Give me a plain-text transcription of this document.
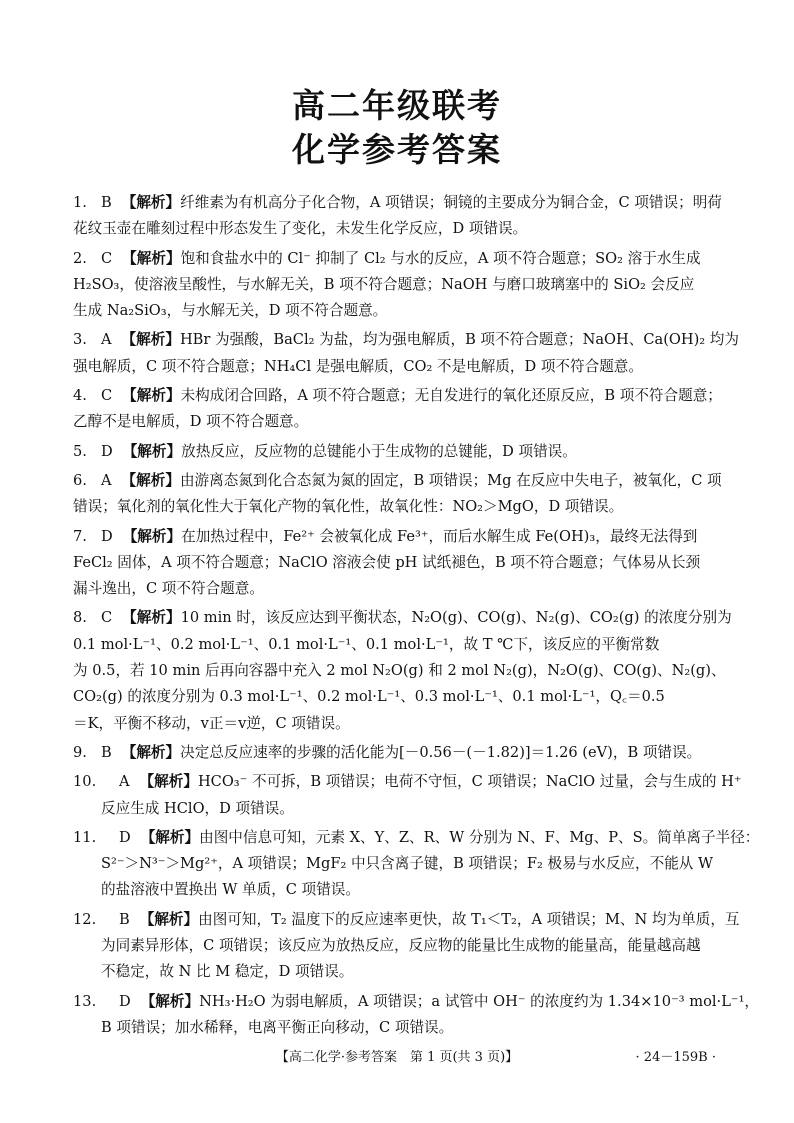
高二年级联考
化学参考答案
1. B 【解析】纤维素为有机高分子化合物，A 项错误；铜镜的主要成分为铜合金，C 项错误；明荷
花纹玉壶在雕刻过程中形态发生了变化，未发生化学反应，D 项错误。
2. C 【解析】饱和食盐水中的 Cl⁻ 抑制了 Cl₂ 与水的反应，A 项不符合题意；SO₂ 溶于水生成
H₂SO₃，使溶液呈酸性，与水解无关，B 项不符合题意；NaOH 与磨口玻璃塞中的 SiO₂ 会反应
生成 Na₂SiO₃，与水解无关，D 项不符合题意。
3. A 【解析】HBr 为强酸，BaCl₂ 为盐，均为强电解质，B 项不符合题意；NaOH、Ca(OH)₂ 均为
强电解质，C 项不符合题意；NH₄Cl 是强电解质，CO₂ 不是电解质，D 项不符合题意。
4. C 【解析】未构成闭合回路，A 项不符合题意；无自发进行的氧化还原反应，B 项不符合题意；
乙醇不是电解质，D 项不符合题意。
5. D 【解析】放热反应，反应物的总键能小于生成物的总键能，D 项错误。
6. A 【解析】由游离态氮到化合态氮为氮的固定，B 项错误；Mg 在反应中失电子，被氧化，C 项
错误；氧化剂的氧化性大于氧化产物的氧化性，故氧化性：NO₂＞MgO，D 项错误。
7. D 【解析】在加热过程中，Fe²⁺ 会被氧化成 Fe³⁺，而后水解生成 Fe(OH)₃，最终无法得到
FeCl₂ 固体，A 项不符合题意；NaClO 溶液会使 pH 试纸褪色，B 项不符合题意；气体易从长颈
漏斗逸出，C 项不符合题意。
8. C 【解析】10 min 时，该反应达到平衡状态，N₂O(g)、CO(g)、N₂(g)、CO₂(g) 的浓度分别为
0.1 mol·L⁻¹、0.2 mol·L⁻¹、0.1 mol·L⁻¹、0.1 mol·L⁻¹，故 T ℃下，该反应的平衡常数
为 0.5，若 10 min 后再向容器中充入 2 mol N₂O(g) 和 2 mol N₂(g)，N₂O(g)、CO(g)、N₂(g)、
CO₂(g) 的浓度分别为 0.3 mol·L⁻¹、0.2 mol·L⁻¹、0.3 mol·L⁻¹、0.1 mol·L⁻¹，Q꜀＝0.5
＝K，平衡不移动，v正＝v逆，C 项错误。
9. B 【解析】决定总反应速率的步骤的活化能为[－0.56－(－1.82)]＝1.26 (eV)，B 项错误。
10. A 【解析】HCO₃⁻ 不可拆，B 项错误；电荷不守恒，C 项错误；NaClO 过量，会与生成的 H⁺
反应生成 HClO，D 项错误。
11. D 【解析】由图中信息可知，元素 X、Y、Z、R、W 分别为 N、F、Mg、P、S。简单离子半径：
S²⁻＞N³⁻＞Mg²⁺，A 项错误；MgF₂ 中只含离子键，B 项错误；F₂ 极易与水反应，不能从 W
的盐溶液中置换出 W 单质，C 项错误。
12. B 【解析】由图可知，T₂ 温度下的反应速率更快，故 T₁＜T₂，A 项错误；M、N 均为单质，互
为同素异形体，C 项错误；该反应为放热反应，反应物的能量比生成物的能量高，能量越高越
不稳定，故 N 比 M 稳定，D 项错误。
13. D 【解析】NH₃·H₂O 为弱电解质，A 项错误；a 试管中 OH⁻ 的浓度约为 1.34×10⁻³ mol·L⁻¹，
B 项错误；加水稀释，电离平衡正向移动，C 项错误。
【高二化学·参考答案　第 1 页(共 3 页)】	· 24－159B ·
